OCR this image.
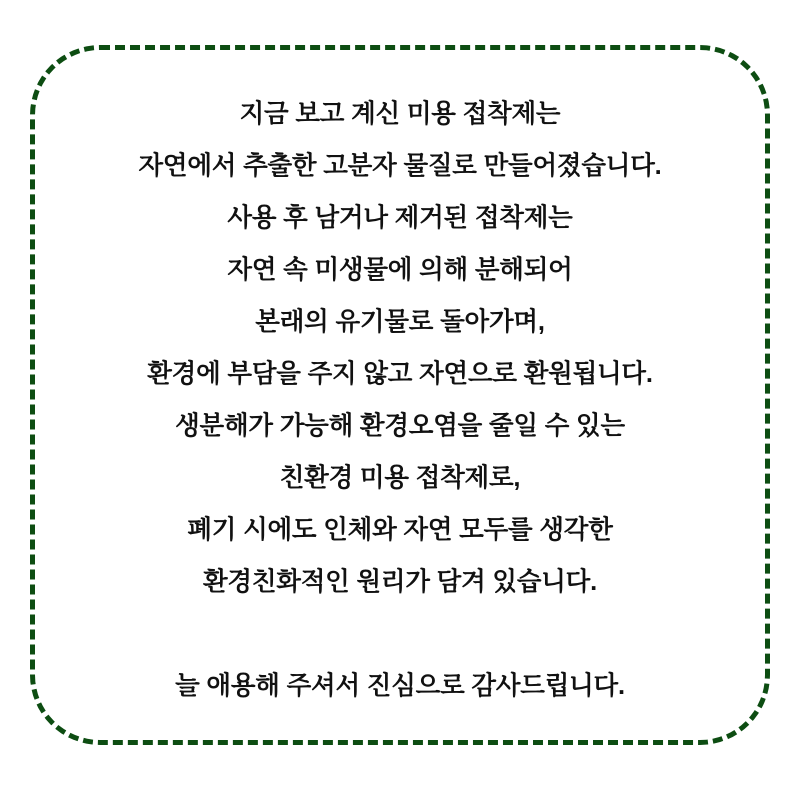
지금 보고 계신 미용 접착제는
자연에서 추출한 고분자 물질로 만들어졌습니다.
사용 후 남거나 제거된 접착제는
자연 속 미생물에 의해 분해되어
본래의 유기물로 돌아가며,
환경에 부담을 주지 않고 자연으로 환원됩니다.
생분해가 가능해 환경오염을 줄일 수 있는
친환경 미용 접착제로,
폐기 시에도 인체와 자연 모두를 생각한
환경친화적인 원리가 담겨 있습니다.
늘 애용해 주셔서 진심으로 감사드립니다.
